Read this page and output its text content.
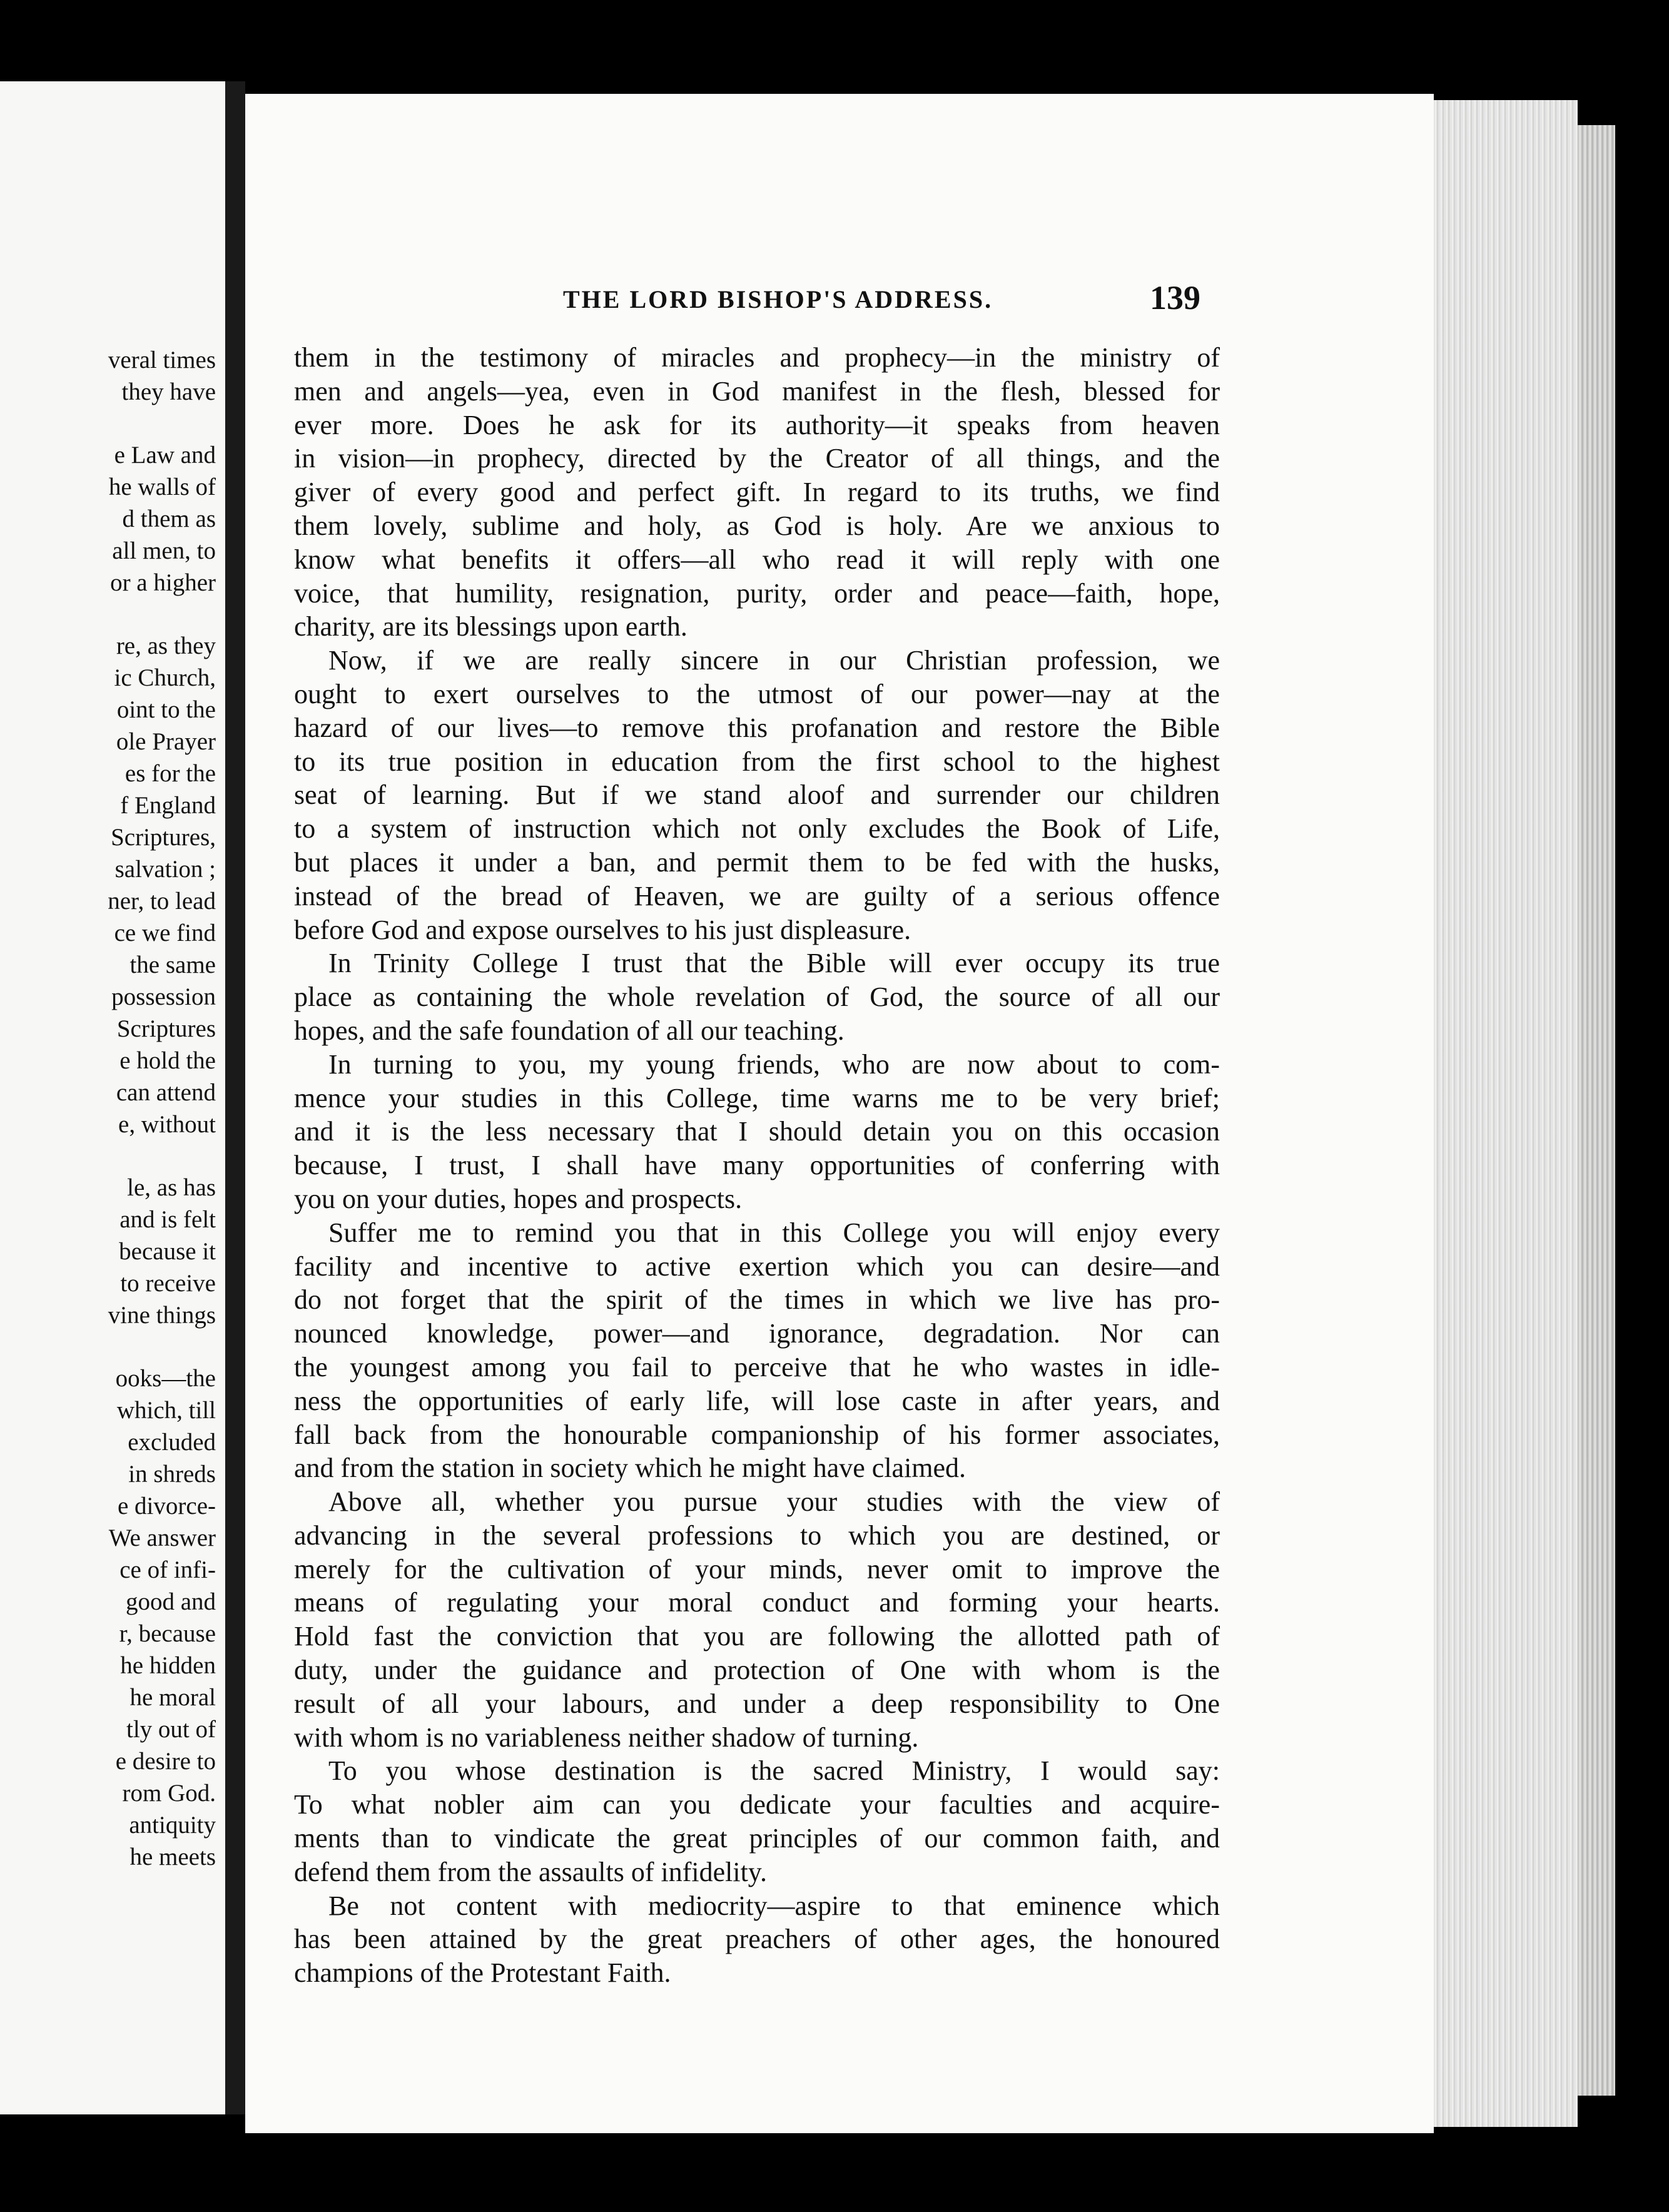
veral times
they have

e Law and
he walls of
d them as
all men, to
or a higher

re, as they
ic Church,
oint to the
ole Prayer
es for the
f England
Scriptures,
salvation ;
ner, to lead
ce we find
the same
possession
Scriptures
e hold the
can attend
e, without

le, as has
and is felt
because it
to receive
vine things

ooks—the
which, till
excluded
in shreds
e divorce-
We answer
ce of infi-
good and
r, because
he hidden
he moral
tly out of
e desire to
rom God.
antiquity
he meets
THE LORD BISHOP'S ADDRESS.	139
them in the testimony of miracles and prophecy—in the ministry of
men and angels—yea, even in God manifest in the flesh, blessed for
ever more. Does he ask for its authority—it speaks from heaven
in vision—in prophecy, directed by the Creator of all things, and the
giver of every good and perfect gift. In regard to its truths, we find
them lovely, sublime and holy, as God is holy. Are we anxious to
know what benefits it offers—all who read it will reply with one
voice, that humility, resignation, purity, order and peace—faith, hope,
charity, are its blessings upon earth.
Now, if we are really sincere in our Christian profession, we
ought to exert ourselves to the utmost of our power—nay at the
hazard of our lives—to remove this profanation and restore the Bible
to its true position in education from the first school to the highest
seat of learning. But if we stand aloof and surrender our children
to a system of instruction which not only excludes the Book of Life,
but places it under a ban, and permit them to be fed with the husks,
instead of the bread of Heaven, we are guilty of a serious offence
before God and expose ourselves to his just displeasure.
In Trinity College I trust that the Bible will ever occupy its true
place as containing the whole revelation of God, the source of all our
hopes, and the safe foundation of all our teaching.
In turning to you, my young friends, who are now about to com-
mence your studies in this College, time warns me to be very brief;
and it is the less necessary that I should detain you on this occasion
because, I trust, I shall have many opportunities of conferring with
you on your duties, hopes and prospects.
Suffer me to remind you that in this College you will enjoy every
facility and incentive to active exertion which you can desire—and
do not forget that the spirit of the times in which we live has pro-
nounced knowledge, power—and ignorance, degradation. Nor can
the youngest among you fail to perceive that he who wastes in idle-
ness the opportunities of early life, will lose caste in after years, and
fall back from the honourable companionship of his former associates,
and from the station in society which he might have claimed.
Above all, whether you pursue your studies with the view of
advancing in the several professions to which you are destined, or
merely for the cultivation of your minds, never omit to improve the
means of regulating your moral conduct and forming your hearts.
Hold fast the conviction that you are following the allotted path of
duty, under the guidance and protection of One with whom is the
result of all your labours, and under a deep responsibility to One
with whom is no variableness neither shadow of turning.
To you whose destination is the sacred Ministry, I would say:
To what nobler aim can you dedicate your faculties and acquire-
ments than to vindicate the great principles of our common faith, and
defend them from the assaults of infidelity.
Be not content with mediocrity—aspire to that eminence which
has been attained by the great preachers of other ages, the honoured
champions of the Protestant Faith.
